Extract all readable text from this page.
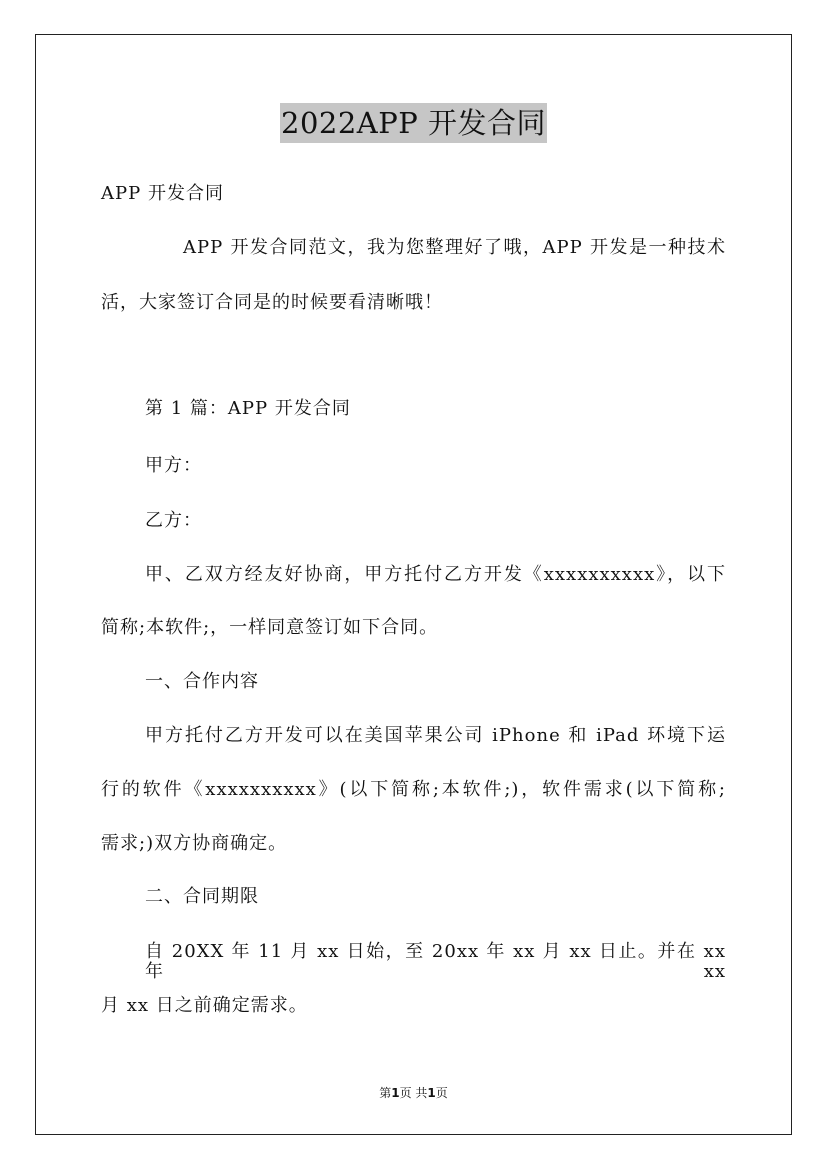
2022APP 开发合同
APP 开发合同
APP 开发合同范文，我为您整理好了哦，APP 开发是一种技术
活，大家签订合同是的时候要看清晰哦！
第 1 篇：APP 开发合同
甲方：
乙方：
甲、乙双方经友好协商，甲方托付乙方开发《xxxxxxxxxx》，以下
简称;本软件;，一样同意签订如下合同。
一、合作内容
甲方托付乙方开发可以在美国苹果公司 iPhone 和 iPad 环境下运
行的软件《xxxxxxxxxx》(以下简称;本软件;)，软件需求(以下简称;
需求;)双方协商确定。
二、合同期限
自 20XX 年 11 月 xx 日始，至 20xx 年 xx 月 xx 日止。并在 xx 年 xx
月 xx 日之前确定需求。
第1页 共1页
